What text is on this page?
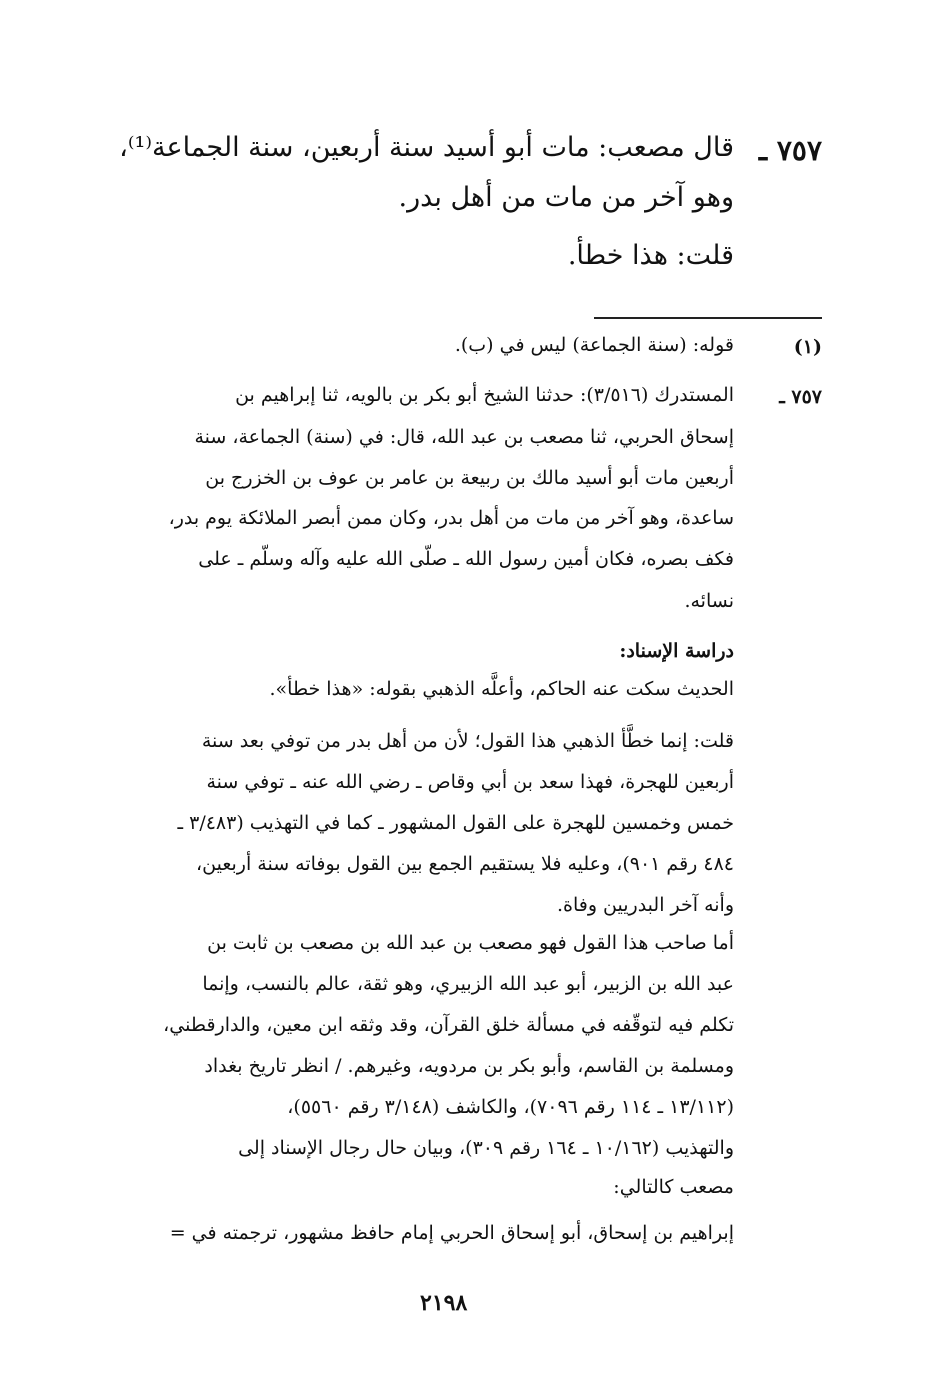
٧٥٧ ـ
قال مصعب: مات أبو أسيد سنة أربعين، سنة الجماعة⁽¹⁾،
وهو آخر من مات من أهل بدر.
قلت: هذا خطأ.
(١)
قوله: (سنة الجماعة) ليس في (ب).
٧٥٧ ـ
المستدرك (٣/٥١٦): حدثنا الشيخ أبو بكر بن بالويه، ثنا إبراهيم بن
إسحاق الحربي، ثنا مصعب بن عبد الله، قال: في (سنة) الجماعة، سنة
أربعين مات أبو أسيد مالك بن ربيعة بن عامر بن عوف بن الخزرج بن
ساعدة، وهو آخر من مات من أهل بدر، وكان ممن أبصر الملائكة يوم بدر،
فكف بصره، فكان أمين رسول الله ـ صلّى الله عليه وآله وسلّم ـ على
نسائه.
دراسة الإسناد:
الحديث سكت عنه الحاكم، وأعلَّه الذهبي بقوله: «هذا خطأ».
قلت: إنما خطَّأ الذهبي هذا القول؛ لأن من أهل بدر من توفي بعد سنة
أربعين للهجرة، فهذا سعد بن أبي وقاص ـ رضي الله عنه ـ توفي سنة
خمس وخمسين للهجرة على القول المشهور ـ كما في التهذيب (٣/٤٨٣ ـ
٤٨٤ رقم ٩٠١)، وعليه فلا يستقيم الجمع بين القول بوفاته سنة أربعين،
وأنه آخر البدريين وفاة.
أما صاحب هذا القول فهو مصعب بن عبد الله بن مصعب بن ثابت بن
عبد الله بن الزبير، أبو عبد الله الزبيري، وهو ثقة، عالم بالنسب، وإنما
تكلم فيه لتوقّفه في مسألة خلق القرآن، وقد وثقه ابن معين، والدارقطني،
ومسلمة بن القاسم، وأبو بكر بن مردويه، وغيرهم. / انظر تاريخ بغداد
(١٣/١١٢ ـ ١١٤ رقم ٧٠٩٦)، والكاشف (٣/١٤٨ رقم ٥٥٦٠)،
والتهذيب (١٠/١٦٢ ـ ١٦٤ رقم ٣٠٩)، وبيان حال رجال الإسناد إلى
مصعب كالتالي:
إبراهيم بن إسحاق، أبو إسحاق الحربي إمام حافظ مشهور، ترجمته في =
٢١٩٨
